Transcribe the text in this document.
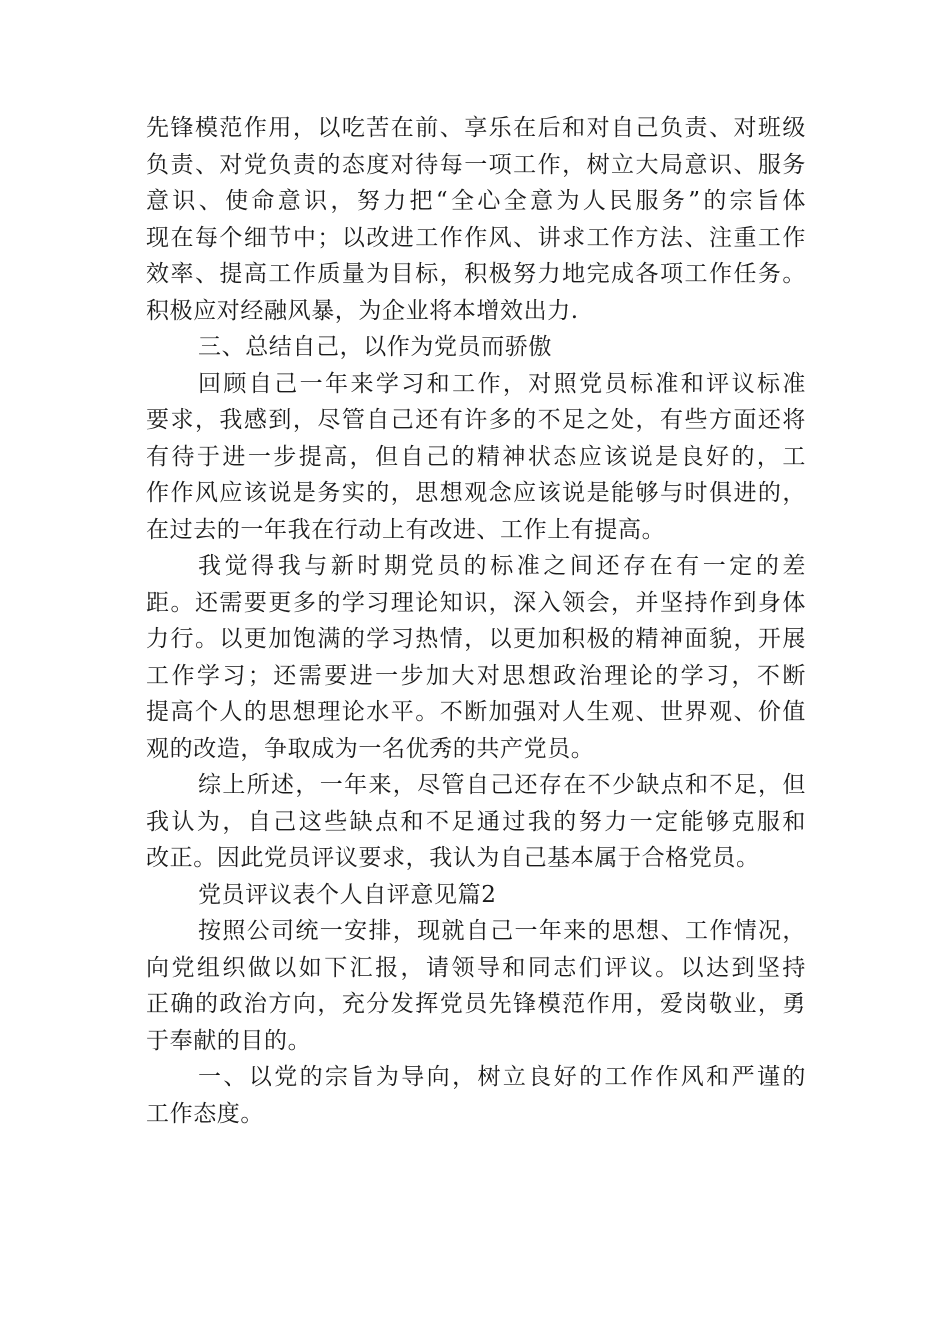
先锋模范作用，以吃苦在前、享乐在后和对自己负责、对班级
负责、对党负责的态度对待每一项工作，树立大局意识、服务
意识、使命意识，努力把“全心全意为人民服务”的宗旨体
现在每个细节中；以改进工作作风、讲求工作方法、注重工作
效率、提高工作质量为目标，积极努力地完成各项工作任务。
积极应对经融风暴，为企业将本增效出力.
三、总结自己，以作为党员而骄傲
回顾自己一年来学习和工作，对照党员标准和评议标准
要求，我感到，尽管自己还有许多的不足之处，有些方面还将
有待于进一步提高，但自己的精神状态应该说是良好的，工
作作风应该说是务实的，思想观念应该说是能够与时俱进的，
在过去的一年我在行动上有改进、工作上有提高。
我觉得我与新时期党员的标准之间还存在有一定的差
距。还需要更多的学习理论知识，深入领会，并坚持作到身体
力行。以更加饱满的学习热情，以更加积极的精神面貌，开展
工作学习；还需要进一步加大对思想政治理论的学习，不断
提高个人的思想理论水平。不断加强对人生观、世界观、价值
观的改造，争取成为一名优秀的共产党员。
综上所述，一年来，尽管自己还存在不少缺点和不足，但
我认为，自己这些缺点和不足通过我的努力一定能够克服和
改正。因此党员评议要求，我认为自己基本属于合格党员。
党员评议表个人自评意见篇2
按照公司统一安排，现就自己一年来的思想、工作情况，
向党组织做以如下汇报，请领导和同志们评议。以达到坚持
正确的政治方向，充分发挥党员先锋模范作用，爱岗敬业，勇
于奉献的目的。
一、以党的宗旨为导向，树立良好的工作作风和严谨的
工作态度。
